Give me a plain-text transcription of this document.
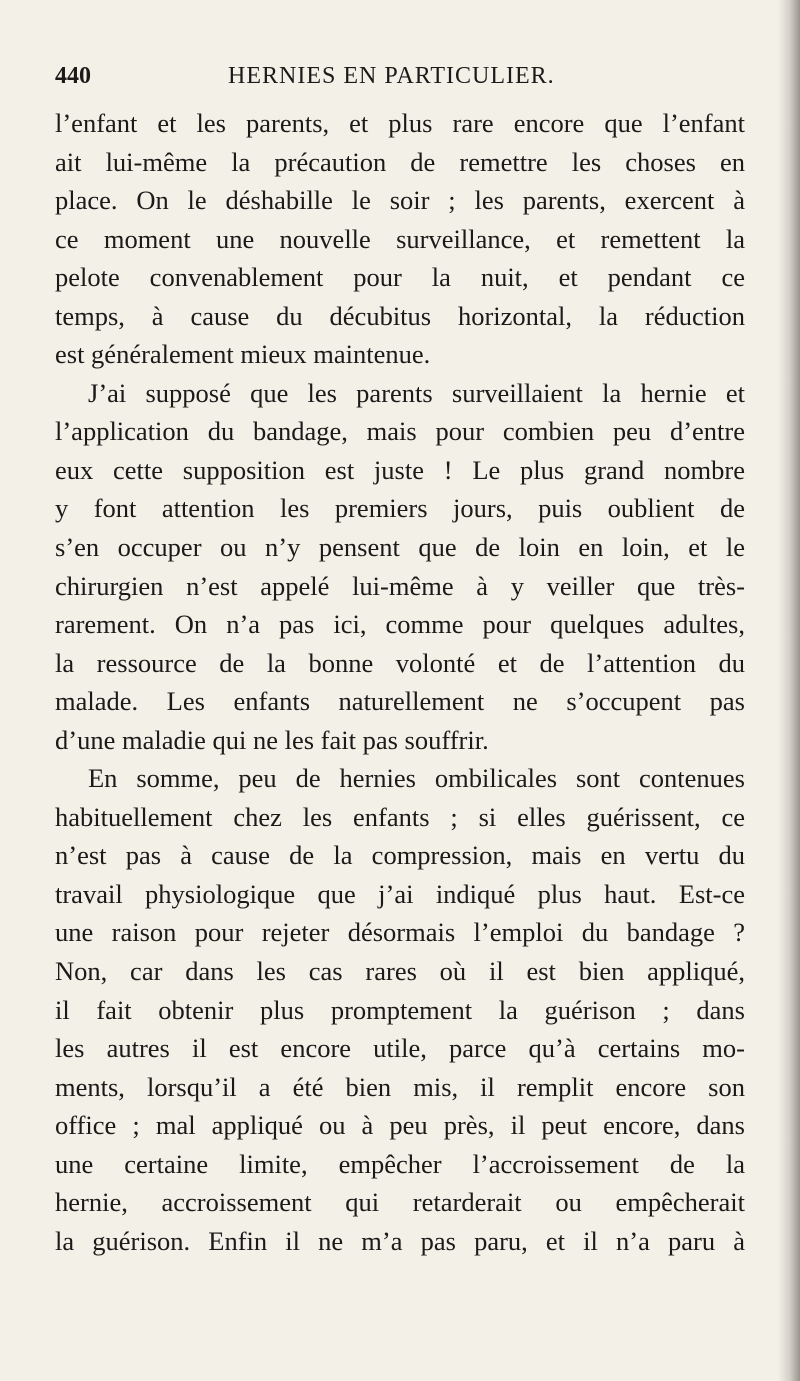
440	HERNIES EN PARTICULIER.
l’enfant et les parents, et plus rare encore que l’enfant
ait lui-même la précaution de remettre les choses en
place. On le déshabille le soir ; les parents, exercent à
ce moment une nouvelle surveillance, et remettent la
pelote convenablement pour la nuit, et pendant ce
temps, à cause du décubitus horizontal, la réduction
est généralement mieux maintenue.
J’ai supposé que les parents surveillaient la hernie et
l’application du bandage, mais pour combien peu d’entre
eux cette supposition est juste ! Le plus grand nombre
y font attention les premiers jours, puis oublient de
s’en occuper ou n’y pensent que de loin en loin, et le
chirurgien n’est appelé lui-même à y veiller que très-
rarement. On n’a pas ici, comme pour quelques adultes,
la ressource de la bonne volonté et de l’attention du
malade. Les enfants naturellement ne s’occupent pas
d’une maladie qui ne les fait pas souffrir.
En somme, peu de hernies ombilicales sont contenues
habituellement chez les enfants ; si elles guérissent, ce
n’est pas à cause de la compression, mais en vertu du
travail physiologique que j’ai indiqué plus haut. Est-ce
une raison pour rejeter désormais l’emploi du bandage ?
Non, car dans les cas rares où il est bien appliqué,
il fait obtenir plus promptement la guérison ; dans
les autres il est encore utile, parce qu’à certains mo-
ments, lorsqu’il a été bien mis, il remplit encore son
office ; mal appliqué ou à peu près, il peut encore, dans
une certaine limite, empêcher l’accroissement de la
hernie, accroissement qui retarderait ou empêcherait
la guérison. Enfin il ne m’a pas paru, et il n’a paru à
